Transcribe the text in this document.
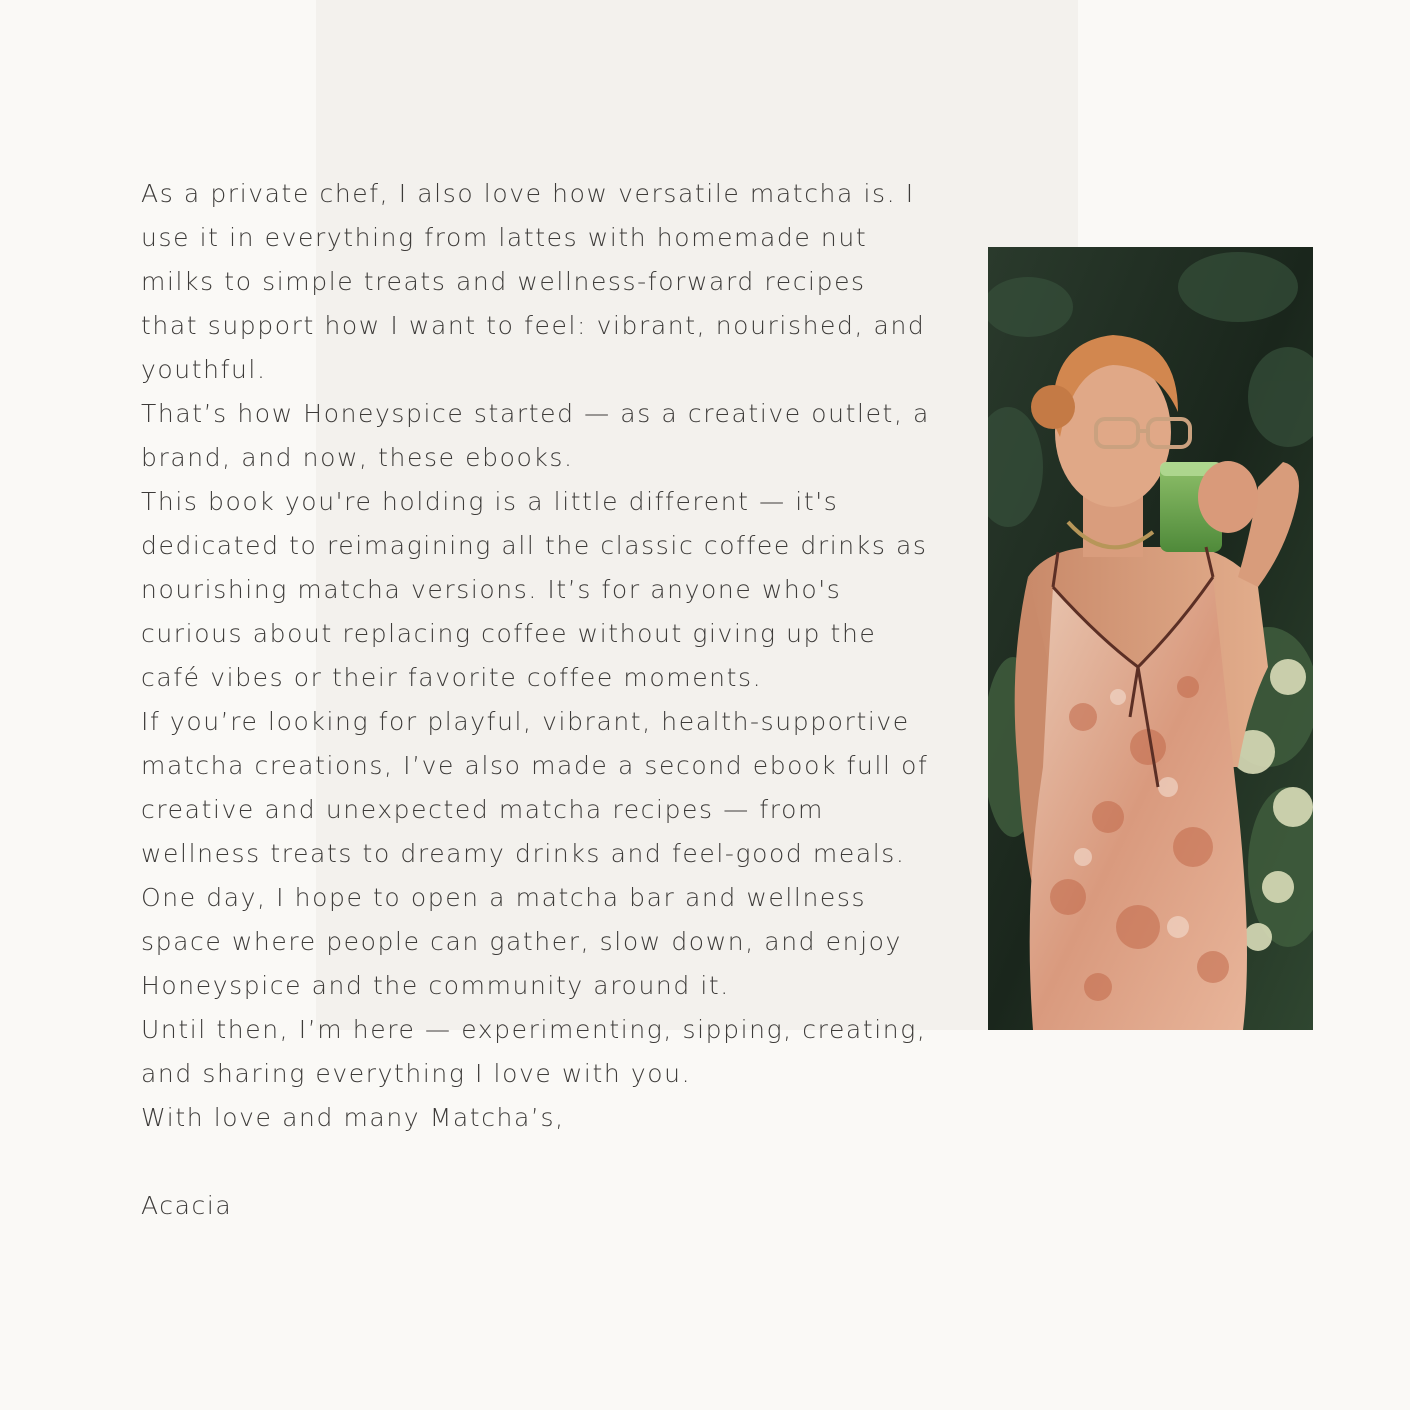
As a private chef, I also love how versatile matcha is. I use it in everything from lattes with homemade nut milks to simple treats and wellness-forward recipes that support how I want to feel: vibrant, nourished, and youthful.

That’s how Honeyspice started — as a creative outlet, a brand, and now, these ebooks.

This book you're holding is a little different — it's dedicated to reimagining all the classic coffee drinks as nourishing matcha versions. It’s for anyone who's curious about replacing coffee without giving up the café vibes or their favorite coffee moments.

If you’re looking for playful, vibrant, health-supportive matcha creations, I’ve also made a second ebook full of creative and unexpected matcha recipes — from wellness treats to dreamy drinks and feel-good meals.

One day, I hope to open a matcha bar and wellness space where people can gather, slow down, and enjoy Honeyspice and the community around it.

Until then, I’m here — experimenting, sipping, creating, and sharing everything I love with you.

With love and many Matcha’s,

Acacia
